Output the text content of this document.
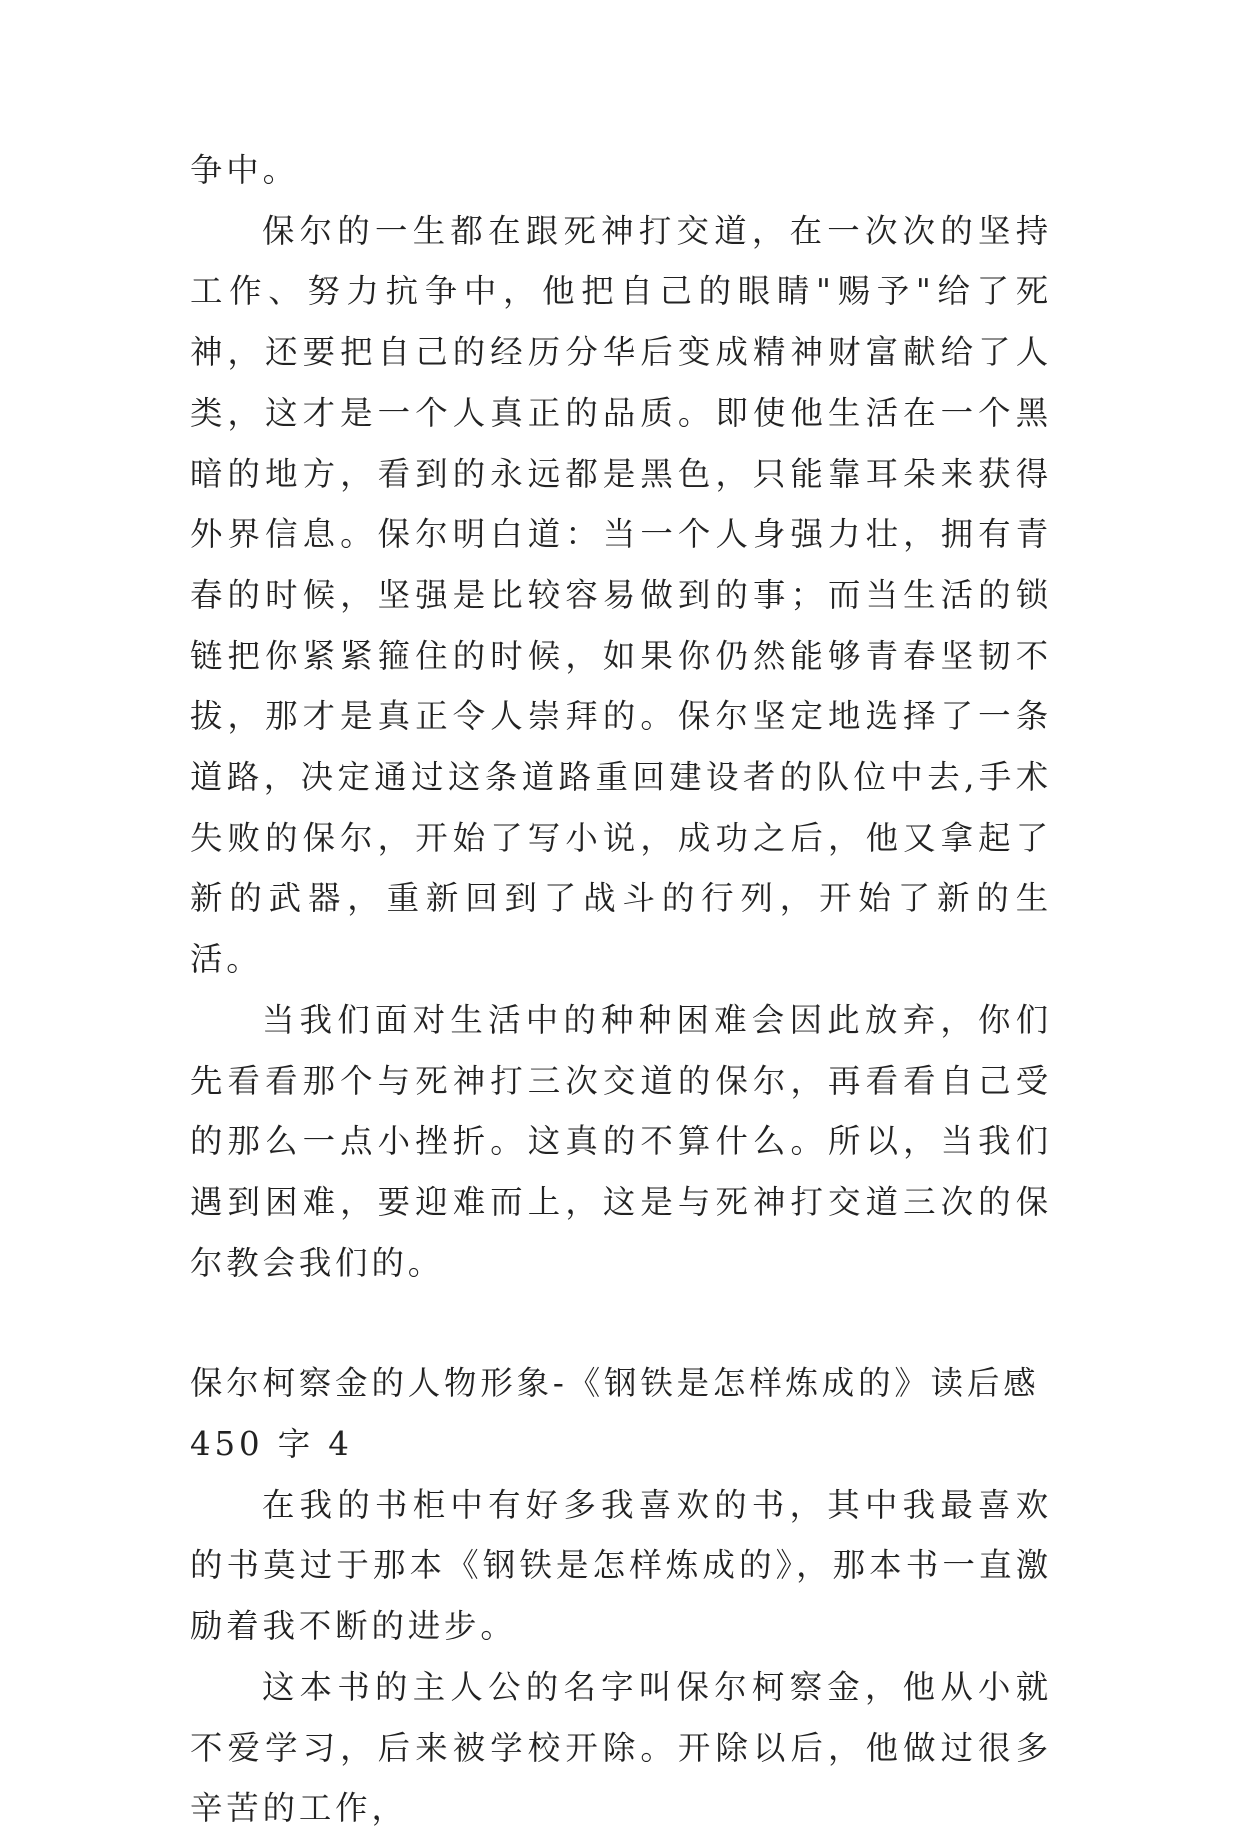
争中。

保尔的一生都在跟死神打交道，在一次次的坚持工作、努力抗争中，他把自己的眼睛"赐予"给了死神，还要把自己的经历分华后变成精神财富献给了人类，这才是一个人真正的品质。即使他生活在一个黑暗的地方，看到的永远都是黑色，只能靠耳朵来获得外界信息。保尔明白道：当一个人身强力壮，拥有青春的时候，坚强是比较容易做到的事；而当生活的锁链把你紧紧箍住的时候，如果你仍然能够青春坚韧不拔，那才是真正令人崇拜的。保尔坚定地选择了一条道路，决定通过这条道路重回建设者的队位中去,手术失败的保尔，开始了写小说，成功之后，他又拿起了新的武器，重新回到了战斗的行列，开始了新的生活。

当我们面对生活中的种种困难会因此放弃，你们先看看那个与死神打三次交道的保尔，再看看自己受的那么一点小挫折。这真的不算什么。所以，当我们遇到困难，要迎难而上，这是与死神打交道三次的保尔教会我们的。

保尔柯察金的人物形象-《钢铁是怎样炼成的》读后感 450 字 4

在我的书柜中有好多我喜欢的书，其中我最喜欢的书莫过于那本《钢铁是怎样炼成的》，那本书一直激励着我不断的进步。

这本书的主人公的名字叫保尔柯察金，他从小就不爱学习，后来被学校开除。开除以后，他做过很多辛苦的工作，
